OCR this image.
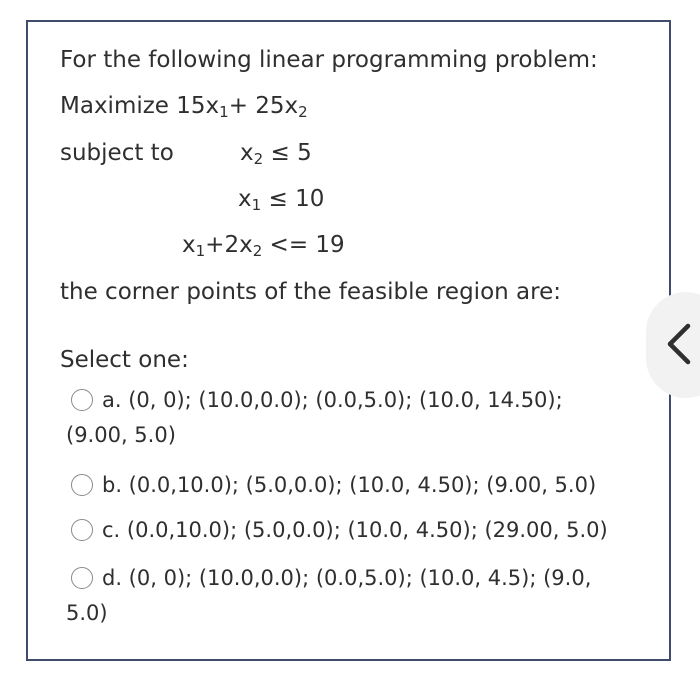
For the following linear programming problem:
Maximize $15x_1+ 25x_2$
subject to	$x_2 \le 5$
$x_1 \le 10$
$x_1+2x_2 <= 19$
the corner points of the feasible region are:
Select one:
a. (0, 0); (10.0,0.0); (0.0,5.0); (10.0, 14.50);
(9.00, 5.0)
b. (0.0,10.0); (5.0,0.0); (10.0, 4.50); (9.00, 5.0)
c. (0.0,10.0); (5.0,0.0); (10.0, 4.50); (29.00, 5.0)
d. (0, 0); (10.0,0.0); (0.0,5.0); (10.0, 4.5); (9.0,
5.0)
